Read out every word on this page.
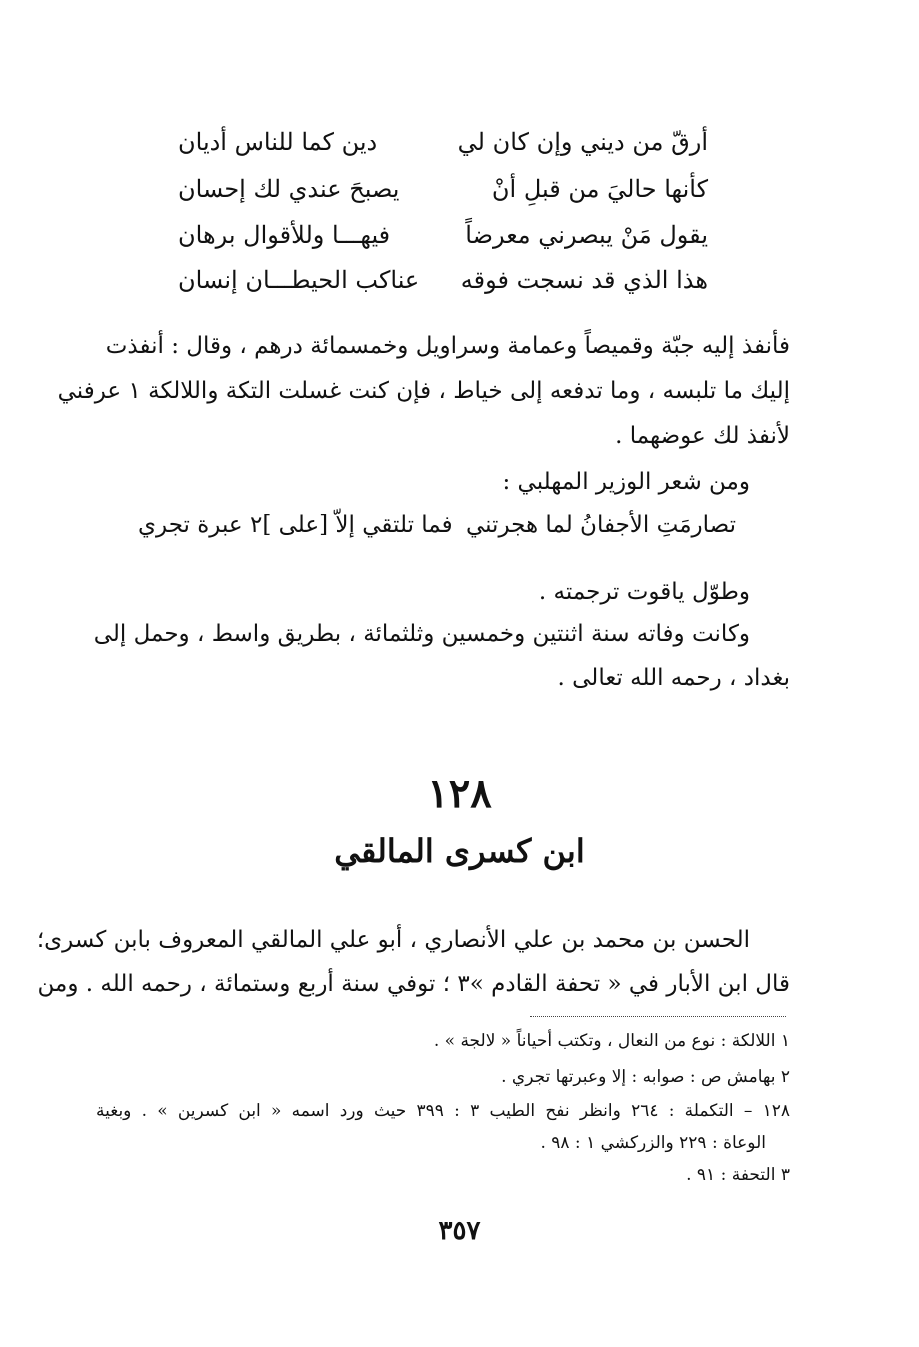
أرقّ من ديني وإن كان لي
دين كما للناس أديان
كأنها حاليَ من قبلِ أنْ
يصبحَ عندي لك إحسان
يقول مَنْ يبصرني معرضاً
فيهـــا وللأقوال برهان
هذا الذي قد نسجت فوقه
عناكب الحيطـــان إنسان
فأنفذ إليه جبّة وقميصاً وعمامة وسراويل وخمسمائة درهم ، وقال : أنفذت
إليك ما تلبسه ، وما تدفعه إلى خياط ، فإن كنت غسلت التكة واللالكة ١ عرفني
لأنفذ لك عوضهما .
ومن شعر الوزير المهلبي :
تصارمَتِ الأجفانُ لما هجرتني
فما تلتقي إلاّ [على ]٢ عبرة تجري
وطوّل ياقوت ترجمته .
وكانت وفاته سنة اثنتين وخمسين وثلثمائة ، بطريق واسط ، وحمل إلى
بغداد ، رحمه الله تعالى .
١٢٨
ابن كسرى المالقي
الحسن بن محمد بن علي الأنصاري ، أبو علي المالقي المعروف بابن كسرى؛
قال ابن الأبار في « تحفة القادم »٣ ؛ توفي سنة أربع وستمائة ، رحمه الله . ومن
١ اللالكة : نوع من النعال ، وتكتب أحياناً « لالجة » .
٢ بهامش ص : صوابه : إلا وعبرتها تجري .
١٢٨ – التكملة : ٢٦٤ وانظر نفح الطيب ٣ : ٣٩٩ حيث ورد اسمه « ابن كسرين » . وبغية
الوعاة : ٢٢٩ والزركشي ١ : ٩٨ .
٣ التحفة : ٩١ .
٣٥٧
